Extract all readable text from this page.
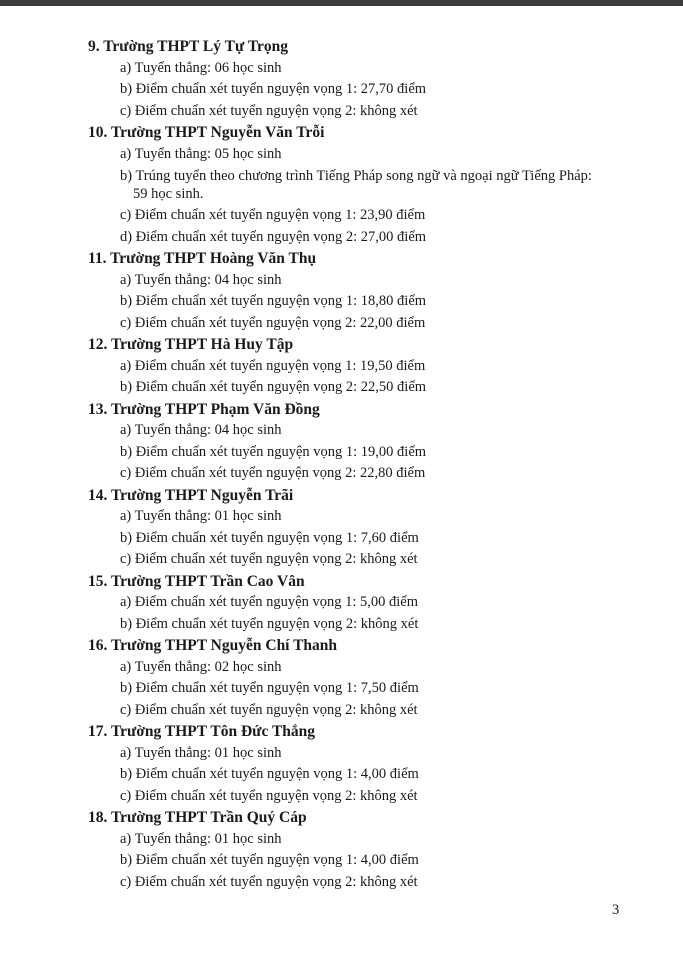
9. Trường THPT Lý Tự Trọng
a) Tuyển thẳng: 06 học sinh
b) Điểm chuẩn xét tuyển nguyện vọng 1: 27,70 điểm
c) Điểm chuẩn xét tuyển nguyện vọng 2: không xét
10. Trường THPT Nguyễn Văn Trỗi
a) Tuyển thẳng: 05 học sinh
b) Trúng tuyển theo chương trình Tiếng Pháp song ngữ và ngoại ngữ Tiếng Pháp:
59 học sinh.
c) Điểm chuẩn xét tuyển nguyện vọng 1: 23,90 điểm
d) Điểm chuẩn xét tuyển nguyện vọng 2: 27,00 điểm
11. Trường THPT Hoàng Văn Thụ
a) Tuyển thẳng: 04 học sinh
b) Điểm chuẩn xét tuyển nguyện vọng 1: 18,80 điểm
c) Điểm chuẩn xét tuyển nguyện vọng 2: 22,00 điểm
12. Trường THPT Hà Huy Tập
a) Điểm chuẩn xét tuyển nguyện vọng 1: 19,50 điểm
b) Điểm chuẩn xét tuyển nguyện vọng 2: 22,50 điểm
13. Trường THPT Phạm Văn Đồng
a) Tuyển thẳng: 04 học sinh
b) Điểm chuẩn xét tuyển nguyện vọng 1: 19,00 điểm
c) Điểm chuẩn xét tuyển nguyện vọng 2: 22,80 điểm
14. Trường THPT Nguyễn Trãi
a) Tuyển thẳng: 01 học sinh
b) Điểm chuẩn xét tuyển nguyện vọng 1: 7,60 điểm
c) Điểm chuẩn xét tuyển nguyện vọng 2: không xét
15. Trường THPT Trần Cao Vân
a) Điểm chuẩn xét tuyển nguyện vọng 1: 5,00 điểm
b) Điểm chuẩn xét tuyển nguyện vọng 2: không xét
16. Trường THPT Nguyễn Chí Thanh
a) Tuyển thẳng: 02 học sinh
b) Điểm chuẩn xét tuyển nguyện vọng 1: 7,50 điểm
c) Điểm chuẩn xét tuyển nguyện vọng 2: không xét
17. Trường THPT Tôn Đức Thắng
a) Tuyển thẳng: 01 học sinh
b) Điểm chuẩn xét tuyển nguyện vọng 1: 4,00 điểm
c) Điểm chuẩn xét tuyển nguyện vọng 2: không xét
18. Trường THPT Trần Quý Cáp
a) Tuyển thẳng: 01 học sinh
b) Điểm chuẩn xét tuyển nguyện vọng 1: 4,00 điểm
c) Điểm chuẩn xét tuyển nguyện vọng 2: không xét
3
